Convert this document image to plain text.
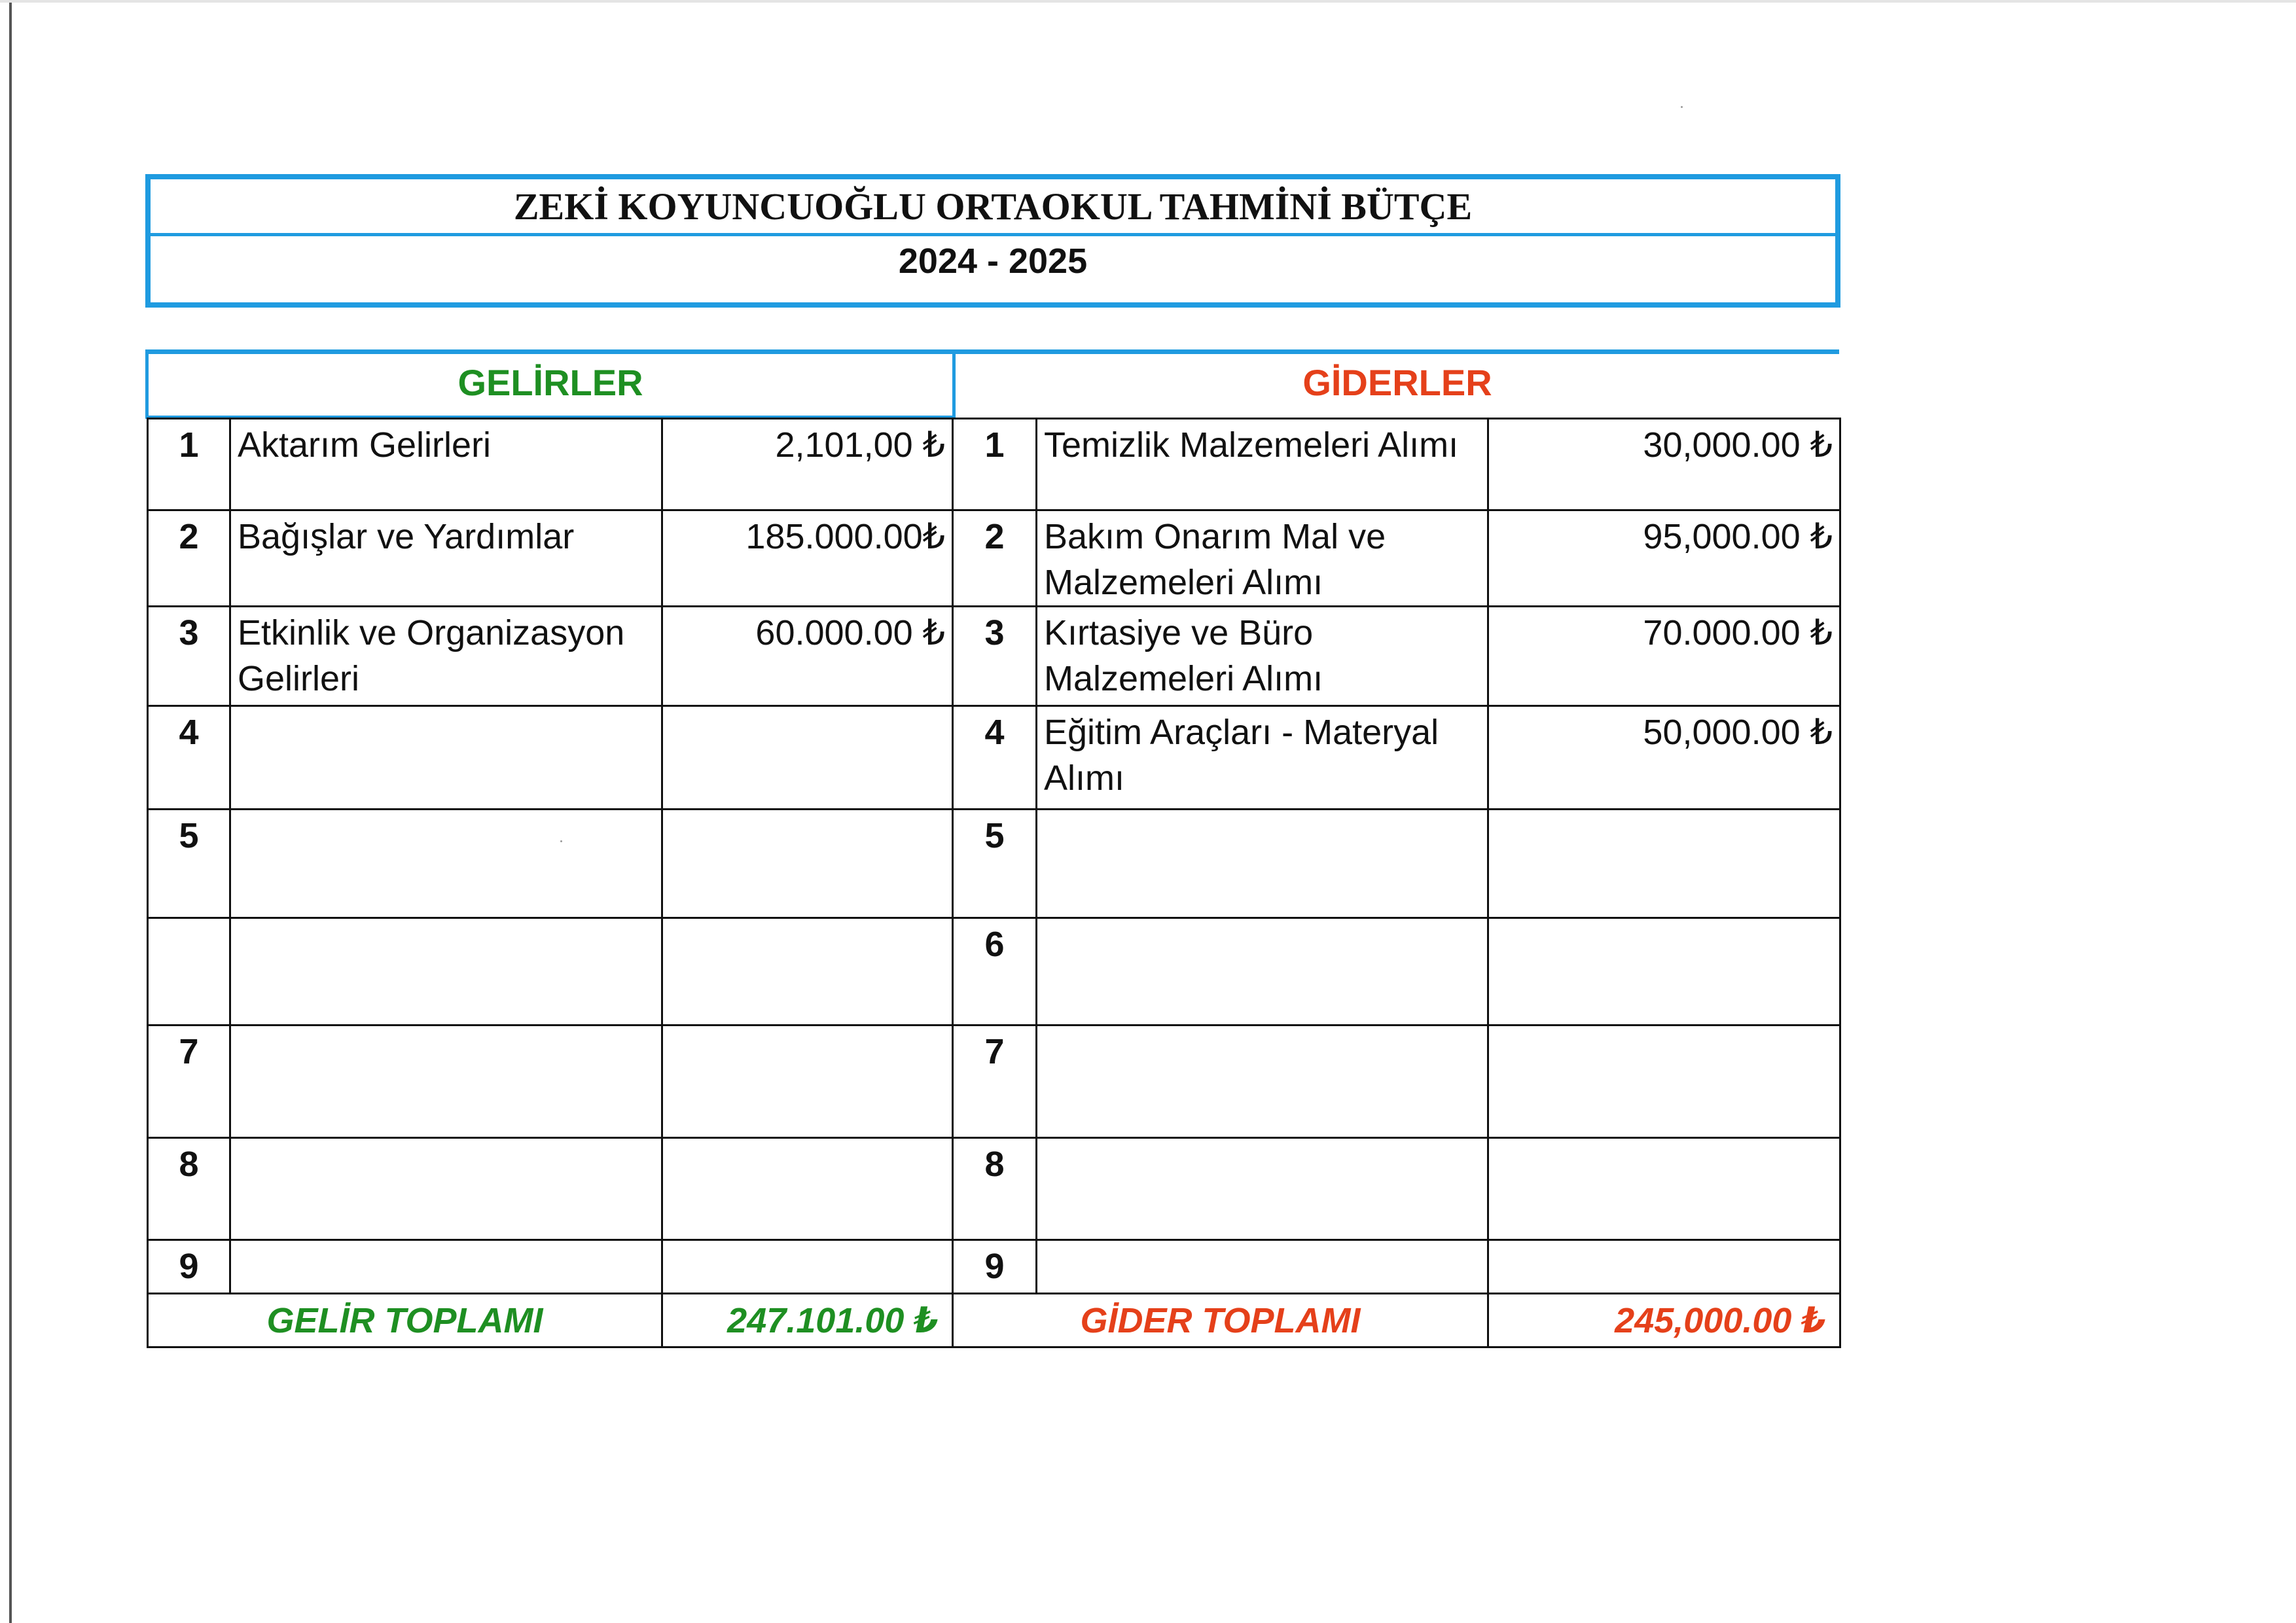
ZEKİ KOYUNCUOĞLU ORTAOKUL TAHMİNİ BÜTÇE
2024 - 2025
GELİRLER	GİDERLER
1	Aktarım Gelirleri	2,101,00 ₺	1	Temizlik Malzemeleri Alımı	30,000.00 ₺
2	Bağışlar ve Yardımlar	185.000.00₺	2	Bakım Onarım Mal ve Malzemeleri Alımı	95,000.00 ₺
3	Etkinlik ve Organizasyon Gelirleri	60.000.00 ₺	3	Kırtasiye ve Büro Malzemeleri Alımı	70.000.00 ₺
4			4	Eğitim Araçları - Materyal Alımı	50,000.00 ₺
5			5		
			6		
7			7		
8			8		
9			9		
GELİR TOPLAMI		247.101.00 ₺	GİDER TOPLAMI		245,000.00 ₺
